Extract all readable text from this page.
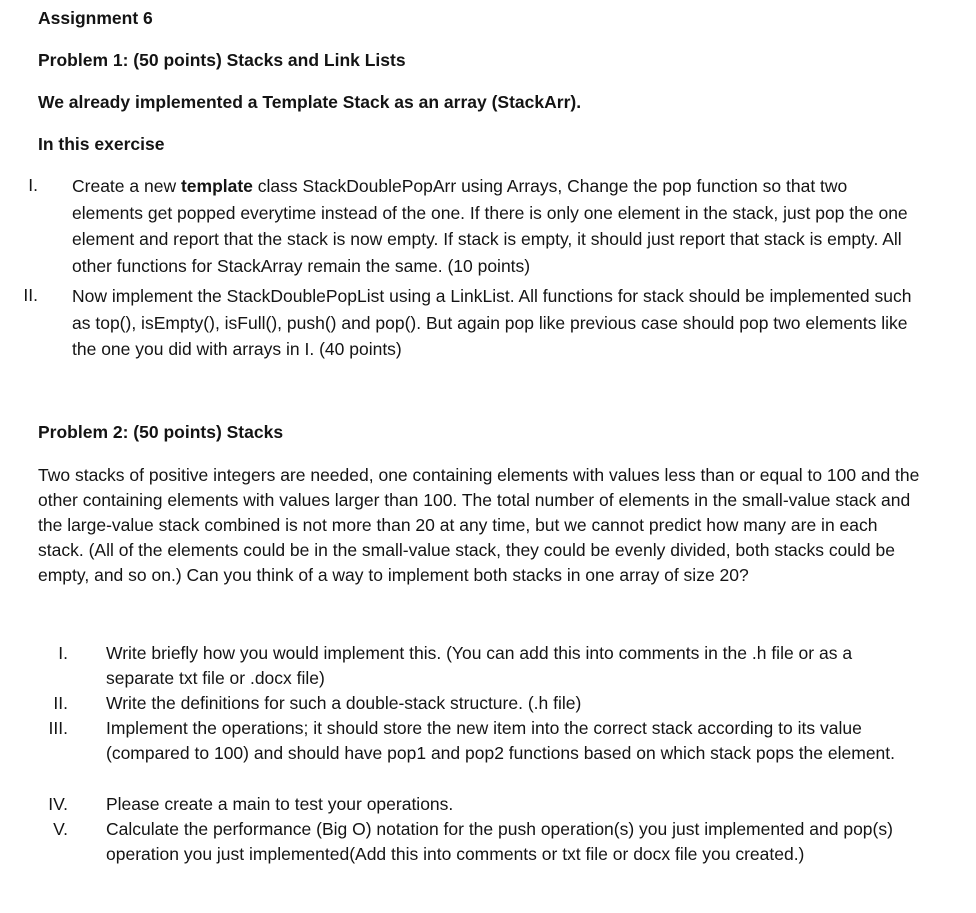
Assignment 6
Problem 1: (50 points) Stacks and Link Lists
We already implemented a Template Stack as an array (StackArr).
In this exercise
I. Create a new template class StackDoublePopArr using Arrays, Change the pop function so that two elements get popped everytime instead of the one. If there is only one element in the stack, just pop the one element and report that the stack is now empty. If stack is empty, it should just report that stack is empty. All other functions for StackArray remain the same. (10 points)
II. Now implement the StackDoublePopList using a LinkList. All functions for stack should be implemented such as top(), isEmpty(), isFull(), push() and pop(). But again pop like previous case should pop two elements like the one you did with arrays in I. (40 points)
Problem 2: (50 points) Stacks
Two stacks of positive integers are needed, one containing elements with values less than or equal to 100 and the other containing elements with values larger than 100. The total number of elements in the small-value stack and the large-value stack combined is not more than 20 at any time, but we cannot predict how many are in each stack. (All of the elements could be in the small-value stack, they could be evenly divided, both stacks could be empty, and so on.) Can you think of a way to implement both stacks in one array of size 20?
I. Write briefly how you would implement this. (You can add this into comments in the .h file or as a separate txt file or .docx file)
II. Write the definitions for such a double-stack structure. (.h file)
III. Implement the operations; it should store the new item into the correct stack according to its value (compared to 100) and should have pop1 and pop2 functions based on which stack pops the element.
IV. Please create a main to test your operations.
V. Calculate the performance (Big O) notation for the push operation(s) you just implemented and pop(s) operation you just implemented(Add this into comments or txt file or docx file you created.)
